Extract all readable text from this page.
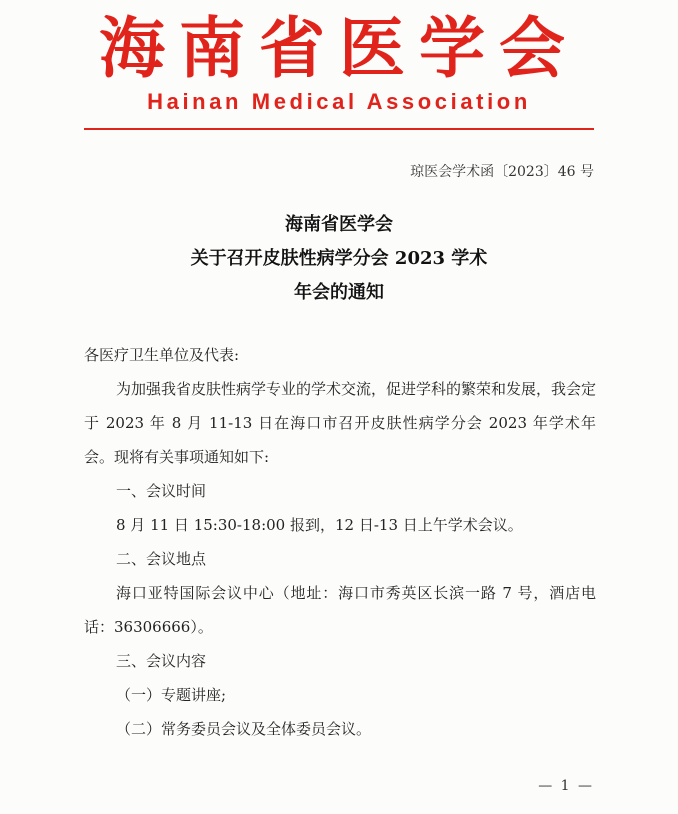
海南省医学会
Hainan Medical Association
琼医会学术函〔2023〕46 号
海南省医学会
关于召开皮肤性病学分会 2023 学术
年会的通知

各医疗卫生单位及代表:

为加强我省皮肤性病学专业的学术交流，促进学科的繁荣和发展，我会定于 2023 年 8 月 11-13 日在海口市召开皮肤性病学分会 2023 年学术年会。现将有关事项通知如下:

一、会议时间

8 月 11 日 15:30-18:00 报到，12 日-13 日上午学术会议。

二、会议地点

海口亚特国际会议中心（地址：海口市秀英区长滨一路 7 号，酒店电话：36306666）。

三、会议内容

（一）专题讲座;

（二）常务委员会议及全体委员会议。

— 1 —
